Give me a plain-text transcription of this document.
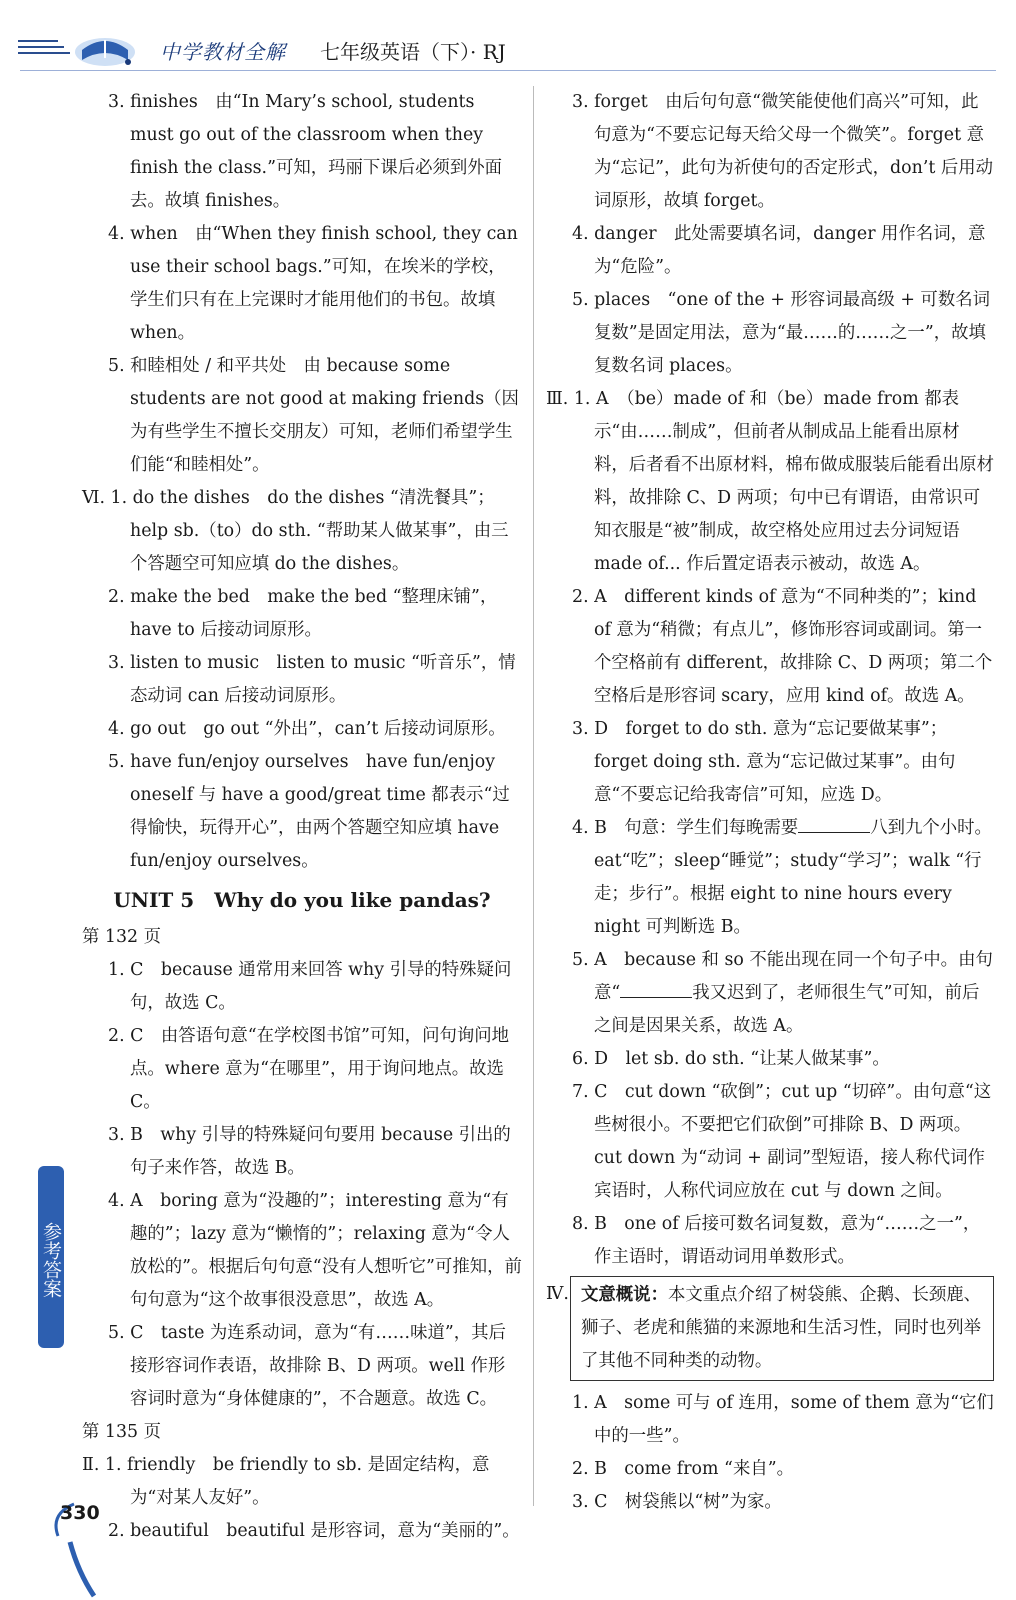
中学教材全解 七年级英语（下）· RJ
3. finishes　由“In Mary’s school, students must go out of the classroom when they finish the class.”可知，玛丽下课后必须到外面去。故填 finishes。
4. when　由“When they finish school, they can use their school bags.”可知，在埃米的学校，学生们只有在上完课时才能用他们的书包。故填 when。
5. 和睦相处 / 和平共处　由 because some students are not good at making friends（因为有些学生不擅长交朋友）可知，老师们希望学生们能“和睦相处”。
Ⅵ. 1. do the dishes　do the dishes “清洗餐具”；help sb.（to）do sth. “帮助某人做某事”，由三个答题空可知应填 do the dishes。
2. make the bed　make the bed “整理床铺”，have to 后接动词原形。
3. listen to music　listen to music “听音乐”，情态动词 can 后接动词原形。
4. go out　go out “外出”，can’t 后接动词原形。
5. have fun/enjoy ourselves　have fun/enjoy oneself 与 have a good/great time 都表示“过得愉快，玩得开心”，由两个答题空知应填 have fun/enjoy ourselves。
UNIT 5　Why do you like pandas?
第 132 页
1. C　because 通常用来回答 why 引导的特殊疑问句，故选 C。
2. C　由答语句意“在学校图书馆”可知，问句询问地点。where 意为“在哪里”，用于询问地点。故选 C。
3. B　why 引导的特殊疑问句要用 because 引出的句子来作答，故选 B。
4. A　boring 意为“没趣的”；interesting 意为“有趣的”；lazy 意为“懒惰的”；relaxing 意为“令人放松的”。根据后句句意“没有人想听它”可推知，前句句意为“这个故事很没意思”，故选 A。
5. C　taste 为连系动词，意为“有……味道”，其后接形容词作表语，故排除 B、D 两项。well 作形容词时意为“身体健康的”，不合题意。故选 C。
第 135 页
Ⅱ. 1. friendly　be friendly to sb. 是固定结构，意为“对某人友好”。
2. beautiful　beautiful 是形容词，意为“美丽的”。
3. forget　由后句句意“微笑能使他们高兴”可知，此句意为“不要忘记每天给父母一个微笑”。forget 意为“忘记”，此句为祈使句的否定形式，don’t 后用动词原形，故填 forget。
4. danger　此处需要填名词，danger 用作名词，意为“危险”。
5. places　“one of the + 形容词最高级 + 可数名词复数”是固定用法，意为“最……的……之一”，故填复数名词 places。
Ⅲ. 1. A　（be）made of 和（be）made from 都表示“由……制成”，但前者从制成品上能看出原材料，后者看不出原材料，棉布做成服装后能看出原材料，故排除 C、D 两项；句中已有谓语，由常识可知衣服是“被”制成，故空格处应用过去分词短语 made of... 作后置定语表示被动，故选 A。
2. A　different kinds of 意为“不同种类的”；kind of 意为“稍微；有点儿”，修饰形容词或副词。第一个空格前有 different，故排除 C、D 两项；第二个空格后是形容词 scary，应用 kind of。故选 A。
3. D　forget to do sth. 意为“忘记要做某事”；forget doing sth. 意为“忘记做过某事”。由句意“不要忘记给我寄信”可知，应选 D。
4. B　句意：学生们每晚需要	八到九个小时。eat“吃”；sleep“睡觉”；study“学习”；walk “行走；步行”。根据 eight to nine hours every night 可判断选 B。
5. A　because 和 so 不能出现在同一个句子中。由句意“	我又迟到了，老师很生气”可知，前后之间是因果关系，故选 A。
6. D　let sb. do sth. “让某人做某事”。
7. C　cut down “砍倒”；cut up “切碎”。由句意“这些树很小。不要把它们砍倒”可排除 B、D 两项。cut down 为“动词 + 副词”型短语，接人称代词作宾语时，人称代词应放在 cut 与 down 之间。
8. B　one of 后接可数名词复数，意为“……之一”，作主语时，谓语动词用单数形式。
Ⅳ. 文意概说：本文重点介绍了树袋熊、企鹅、长颈鹿、狮子、老虎和熊猫的来源地和生活习性，同时也列举了其他不同种类的动物。
1. A　some 可与 of 连用，some of them 意为“它们中的一些”。
2. B　come from “来自”。
3. C　树袋熊以“树”为家。
参考答案
330
